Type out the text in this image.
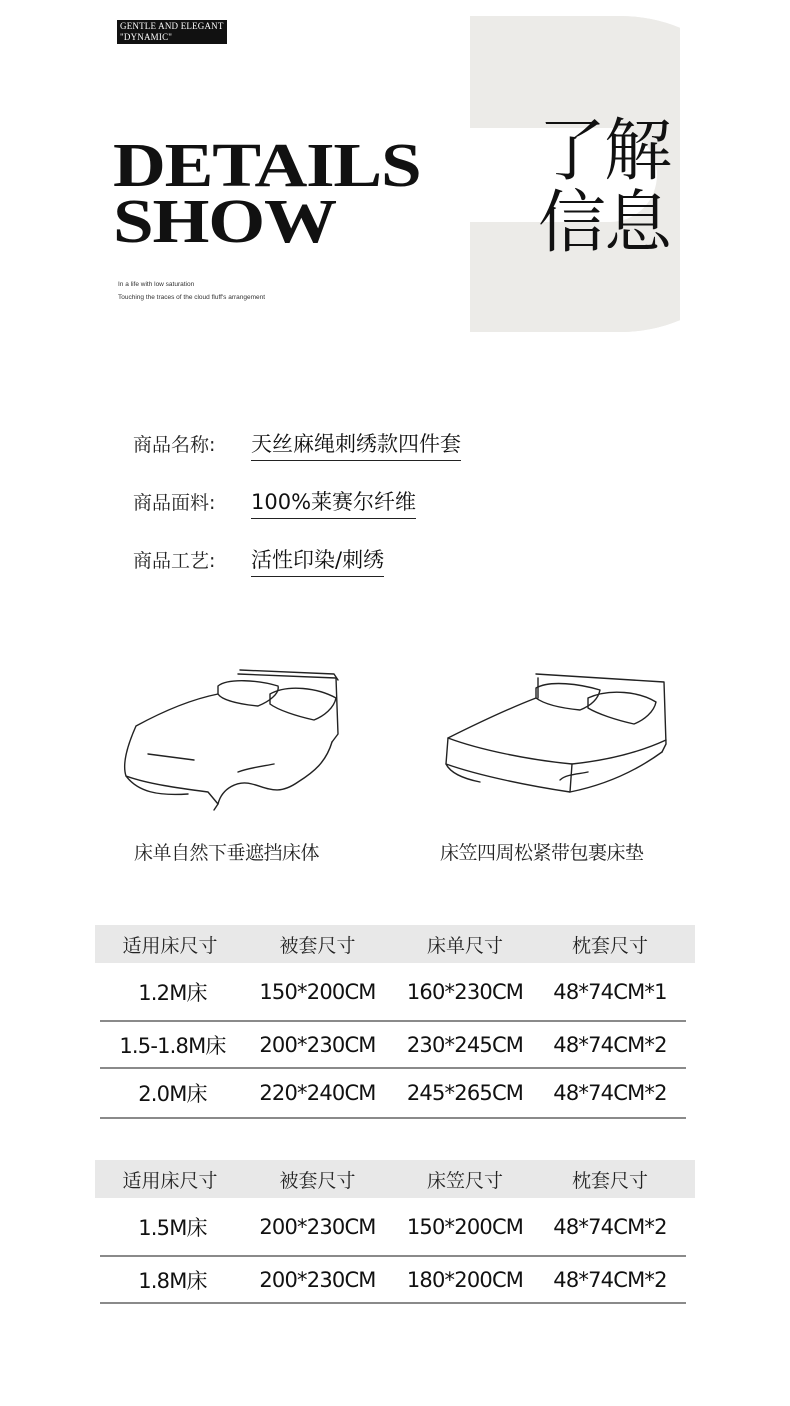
GENTLE AND ELEGANT
"DYNAMIC"
DETAILS
SHOW
了解
信息
In a life with low saturation
Touching the traces of the cloud fluff's arrangement
商品名称:	天丝麻绳刺绣款四件套
商品面料:	100%莱赛尔纤维
商品工艺:	活性印染/刺绣
床单自然下垂遮挡床体	床笠四周松紧带包裹床垫
适用床尺寸	被套尺寸	床单尺寸	枕套尺寸
1.2M床	150*200CM	160*230CM	48*74CM*1
1.5-1.8M床	200*230CM	230*245CM	48*74CM*2
2.0M床	220*240CM	245*265CM	48*74CM*2
适用床尺寸	被套尺寸	床笠尺寸	枕套尺寸
1.5M床	200*230CM	150*200CM	48*74CM*2
1.8M床	200*230CM	180*200CM	48*74CM*2
